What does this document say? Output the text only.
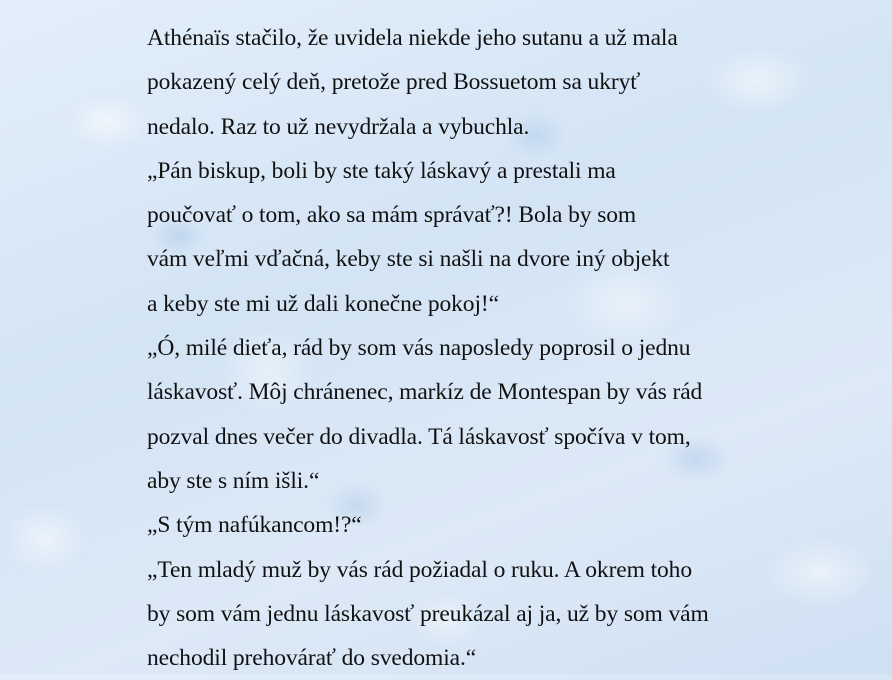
Athénaïs stačilo, že uvidela niekde jeho sutanu a už mala
pokazený celý deň, pretože pred Bossuetom sa ukryť
nedalo. Raz to už nevydržala a vybuchla.
„Pán biskup, boli by ste taký láskavý a prestali ma
poučovať o tom, ako sa mám správať?! Bola by som
vám veľmi vďačná, keby ste si našli na dvore iný objekt
a keby ste mi už dali konečne pokoj!“
„Ó, milé dieťa, rád by som vás naposledy poprosil o jednu
láskavosť. Môj chránenec, markíz de Montespan by vás rád
pozval dnes večer do divadla. Tá láskavosť spočíva v tom,
aby ste s ním išli.“
„S tým nafúkancom!?“
„Ten mladý muž by vás rád požiadal o ruku. A okrem toho
by som vám jednu láskavosť preukázal aj ja, už by som vám
nechodil prehovárať do svedomia.“
